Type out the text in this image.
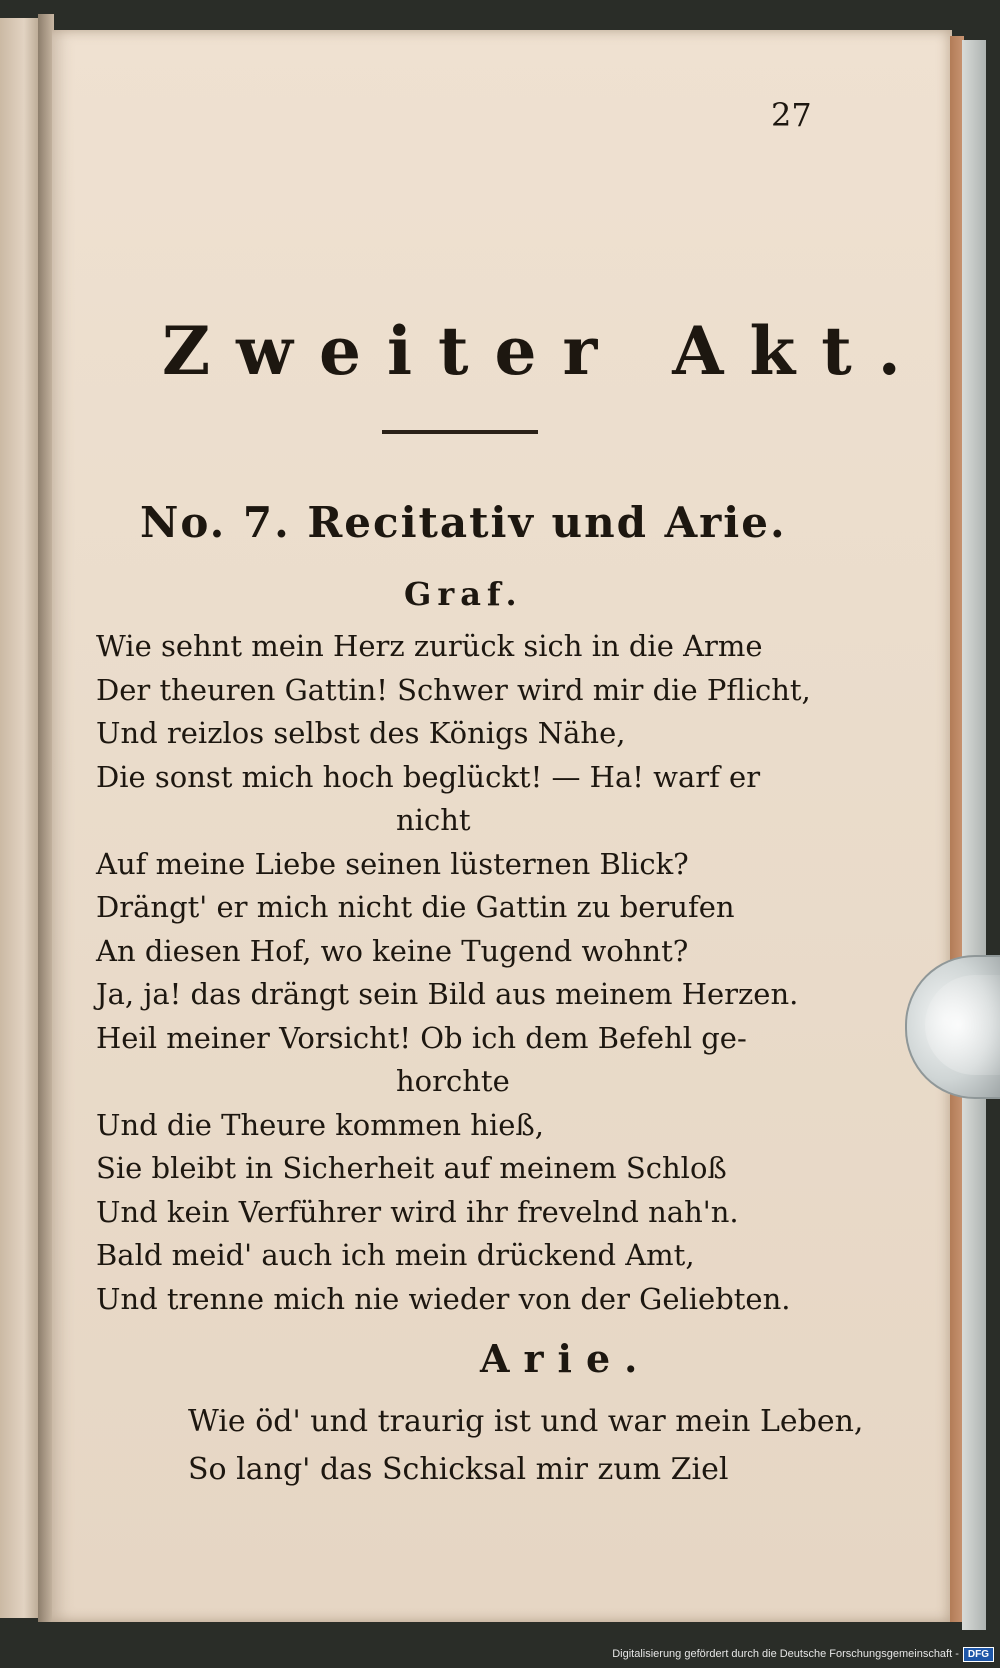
27
Zweiter Akt.
No. 7. Recitativ und Arie.
Graf.
Wie sehnt mein Herz zurück sich in die Arme
Der theuren Gattin! Schwer wird mir die Pflicht,
Und reizlos selbst des Königs Nähe,
Die sonst mich hoch beglückt! — Ha! warf er
nicht
Auf meine Liebe seinen lüsternen Blick?
Drängt' er mich nicht die Gattin zu berufen
An diesen Hof, wo keine Tugend wohnt?
Ja, ja! das drängt sein Bild aus meinem Herzen.
Heil meiner Vorsicht! Ob ich dem Befehl ge-
horchte
Und die Theure kommen hieß,
Sie bleibt in Sicherheit auf meinem Schloß
Und kein Verführer wird ihr frevelnd nah'n.
Bald meid' auch ich mein drückend Amt,
Und trenne mich nie wieder von der Geliebten.
Arie.
Wie öd' und traurig ist und war mein Leben,
So lang' das Schicksal mir zum Ziel
Digitalisierung gefördert durch die Deutsche Forschungsgemeinschaft - DFG
